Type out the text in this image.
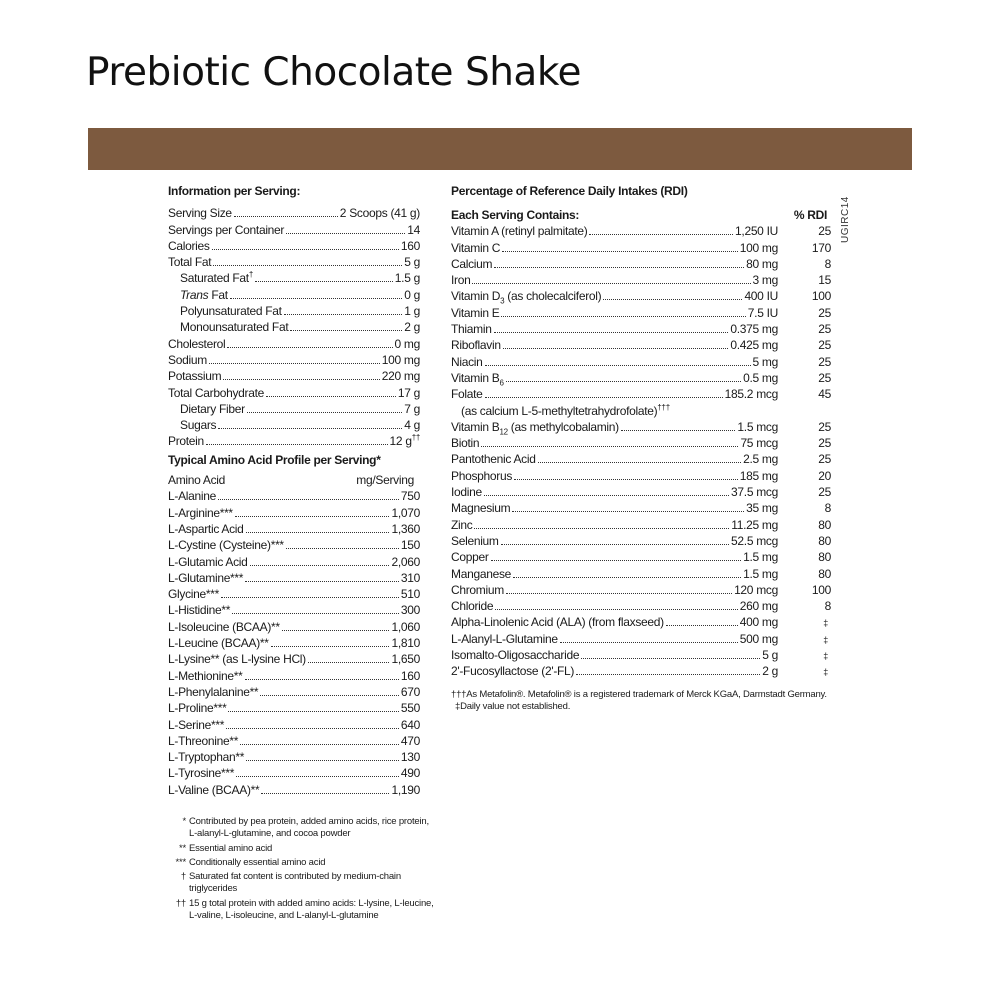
Prebiotic Chocolate Shake
UGIRC14
Information per Serving:
Serving Size	2 Scoops (41 g)
Servings per Container	14
Calories	160
Total Fat	5 g
Saturated Fat†	1.5 g
Trans Fat	0 g
Polyunsaturated Fat	1 g
Monounsaturated Fat	2 g
Cholesterol	0 mg
Sodium	100 mg
Potassium	220 mg
Total Carbohydrate	17 g
Dietary Fiber	7 g
Sugars	4 g
Protein	12 g††
Typical Amino Acid Profile per Serving*
Amino Acid	mg/Serving
L-Alanine	750
L-Arginine***	1,070
L-Aspartic Acid	1,360
L-Cystine (Cysteine)***	150
L-Glutamic Acid	2,060
L-Glutamine***	310
Glycine***	510
L-Histidine**	300
L-Isoleucine (BCAA)**	1,060
L-Leucine (BCAA)**	1,810
L-Lysine** (as L-lysine HCl)	1,650
L-Methionine**	160
L-Phenylalanine**	670
L-Proline***	550
L-Serine***	640
L-Threonine**	470
L-Tryptophan**	130
L-Tyrosine***	490
L-Valine (BCAA)**	1,190
* Contributed by pea protein, added amino acids, rice protein, L-alanyl-L-glutamine, and cocoa powder
** Essential amino acid
*** Conditionally essential amino acid
† Saturated fat content is contributed by medium-chain triglycerides
†† 15 g total protein with added amino acids: L-lysine, L-leucine, L-valine, L-isoleucine, and L-alanyl-L-glutamine
Percentage of Reference Daily Intakes (RDI)
Each Serving Contains:	% RDI
Vitamin A (retinyl palmitate)	1,250 IU	25
Vitamin C	100 mg	170
Calcium	80 mg	8
Iron	3 mg	15
Vitamin $D_3$ (as cholecalciferol)	400 IU	100
Vitamin E	7.5 IU	25
Thiamin	0.375 mg	25
Riboflavin	0.425 mg	25
Niacin	5 mg	25
Vitamin $B_6$	0.5 mg	25
Folate	185.2 mcg	45
(as calcium L-5-methyltetrahydrofolate)†††
Vitamin $B_{12}$ (as methylcobalamin)	1.5 mcg	25
Biotin	75 mcg	25
Pantothenic Acid	2.5 mg	25
Phosphorus	185 mg	20
Iodine	37.5 mcg	25
Magnesium	35 mg	8
Zinc	11.25 mg	80
Selenium	52.5 mcg	80
Copper	1.5 mg	80
Manganese	1.5 mg	80
Chromium	120 mcg	100
Chloride	260 mg	8
Alpha-Linolenic Acid (ALA) (from flaxseed)	400 mg	‡
L-Alanyl-L-Glutamine	500 mg	‡
Isomalto-Oligosaccharide	5 g	‡
2'-Fucosyllactose (2'-FL)	2 g	‡
†††As Metafolin®. Metafolin® is a registered trademark of Merck KGaA, Darmstadt Germany.
‡Daily value not established.
